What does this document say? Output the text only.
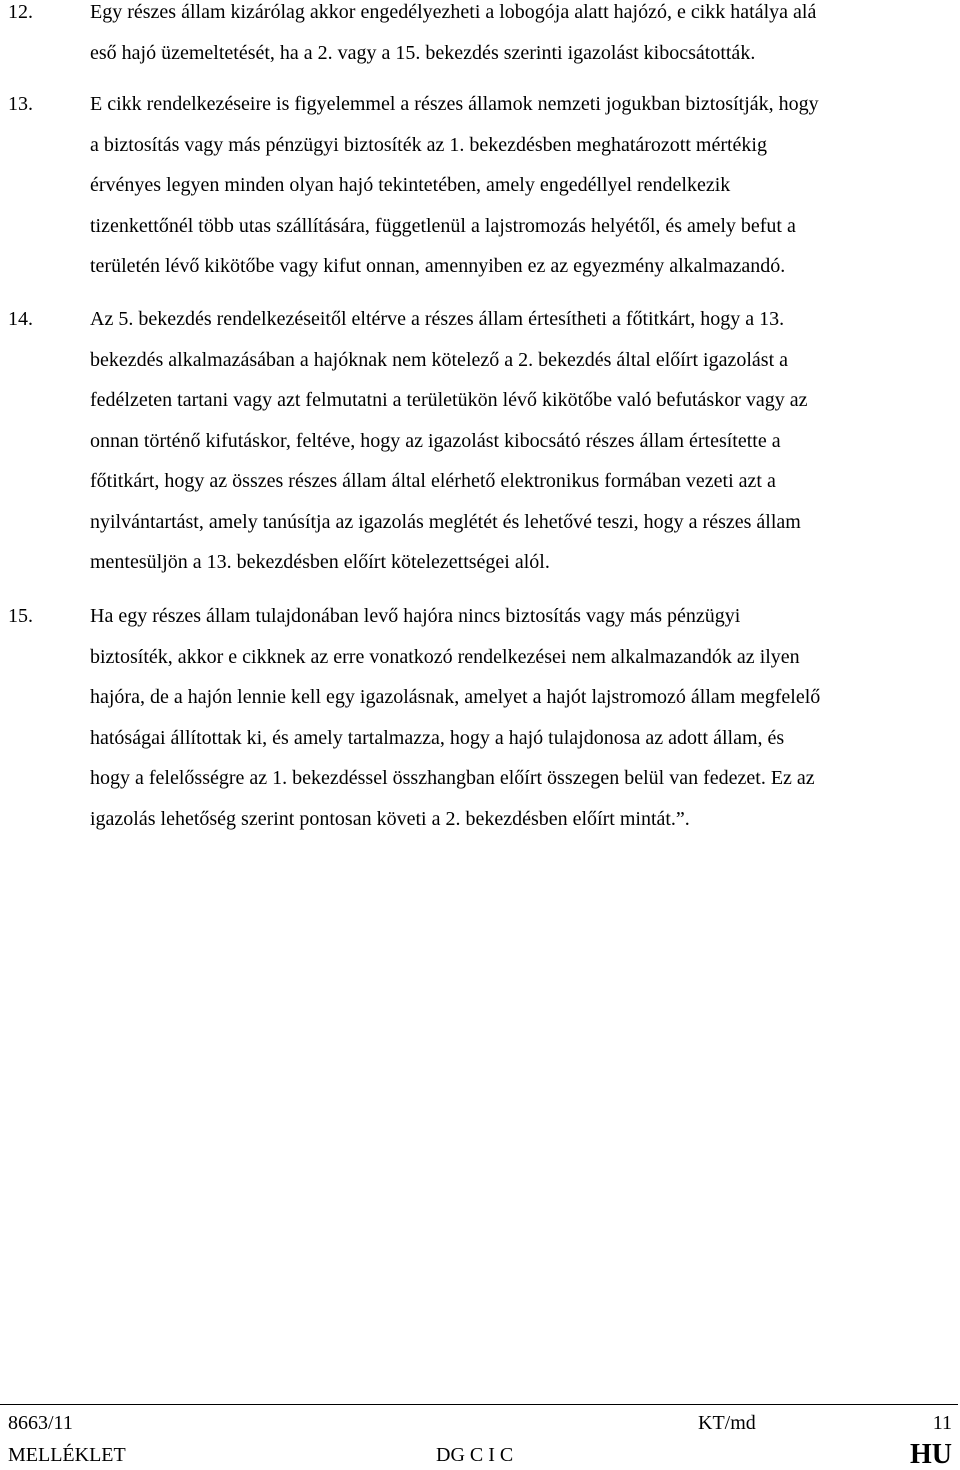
12.	Egy részes állam kizárólag akkor engedélyezheti a lobogója alatt hajózó, e cikk hatálya alá
eső hajó üzemeltetését, ha a 2. vagy a 15. bekezdés szerinti igazolást kibocsátották.

13.	E cikk rendelkezéseire is figyelemmel a részes államok nemzeti jogukban biztosítják, hogy
a biztosítás vagy más pénzügyi biztosíték az 1. bekezdésben meghatározott mértékig
érvényes legyen minden olyan hajó tekintetében, amely engedéllyel rendelkezik
tizenkettőnél több utas szállítására, függetlenül a lajstromozás helyétől, és amely befut a
területén lévő kikötőbe vagy kifut onnan, amennyiben ez az egyezmény alkalmazandó.

14.	Az 5. bekezdés rendelkezéseitől eltérve a részes állam értesítheti a főtitkárt, hogy a 13.
bekezdés alkalmazásában a hajóknak nem kötelező a 2. bekezdés által előírt igazolást a
fedélzeten tartani vagy azt felmutatni a területükön lévő kikötőbe való befutáskor vagy az
onnan történő kifutáskor, feltéve, hogy az igazolást kibocsátó részes állam értesítette a
főtitkárt, hogy az összes részes állam által elérhető elektronikus formában vezeti azt a
nyilvántartást, amely tanúsítja az igazolás meglétét és lehetővé teszi, hogy a részes állam
mentesüljön a 13. bekezdésben előírt kötelezettségei alól.

15.	Ha egy részes állam tulajdonában levő hajóra nincs biztosítás vagy más pénzügyi
biztosíték, akkor e cikknek az erre vonatkozó rendelkezései nem alkalmazandók az ilyen
hajóra, de a hajón lennie kell egy igazolásnak, amelyet a hajót lajstromozó állam megfelelő
hatóságai állítottak ki, és amely tartalmazza, hogy a hajó tulajdonosa az adott állam, és
hogy a felelősségre az 1. bekezdéssel összhangban előírt összegen belül van fedezet. Ez az
igazolás lehetőség szerint pontosan követi a 2. bekezdésben előírt mintát.”.

8663/11	KT/md	11
MELLÉKLET	DG C I C	HU
